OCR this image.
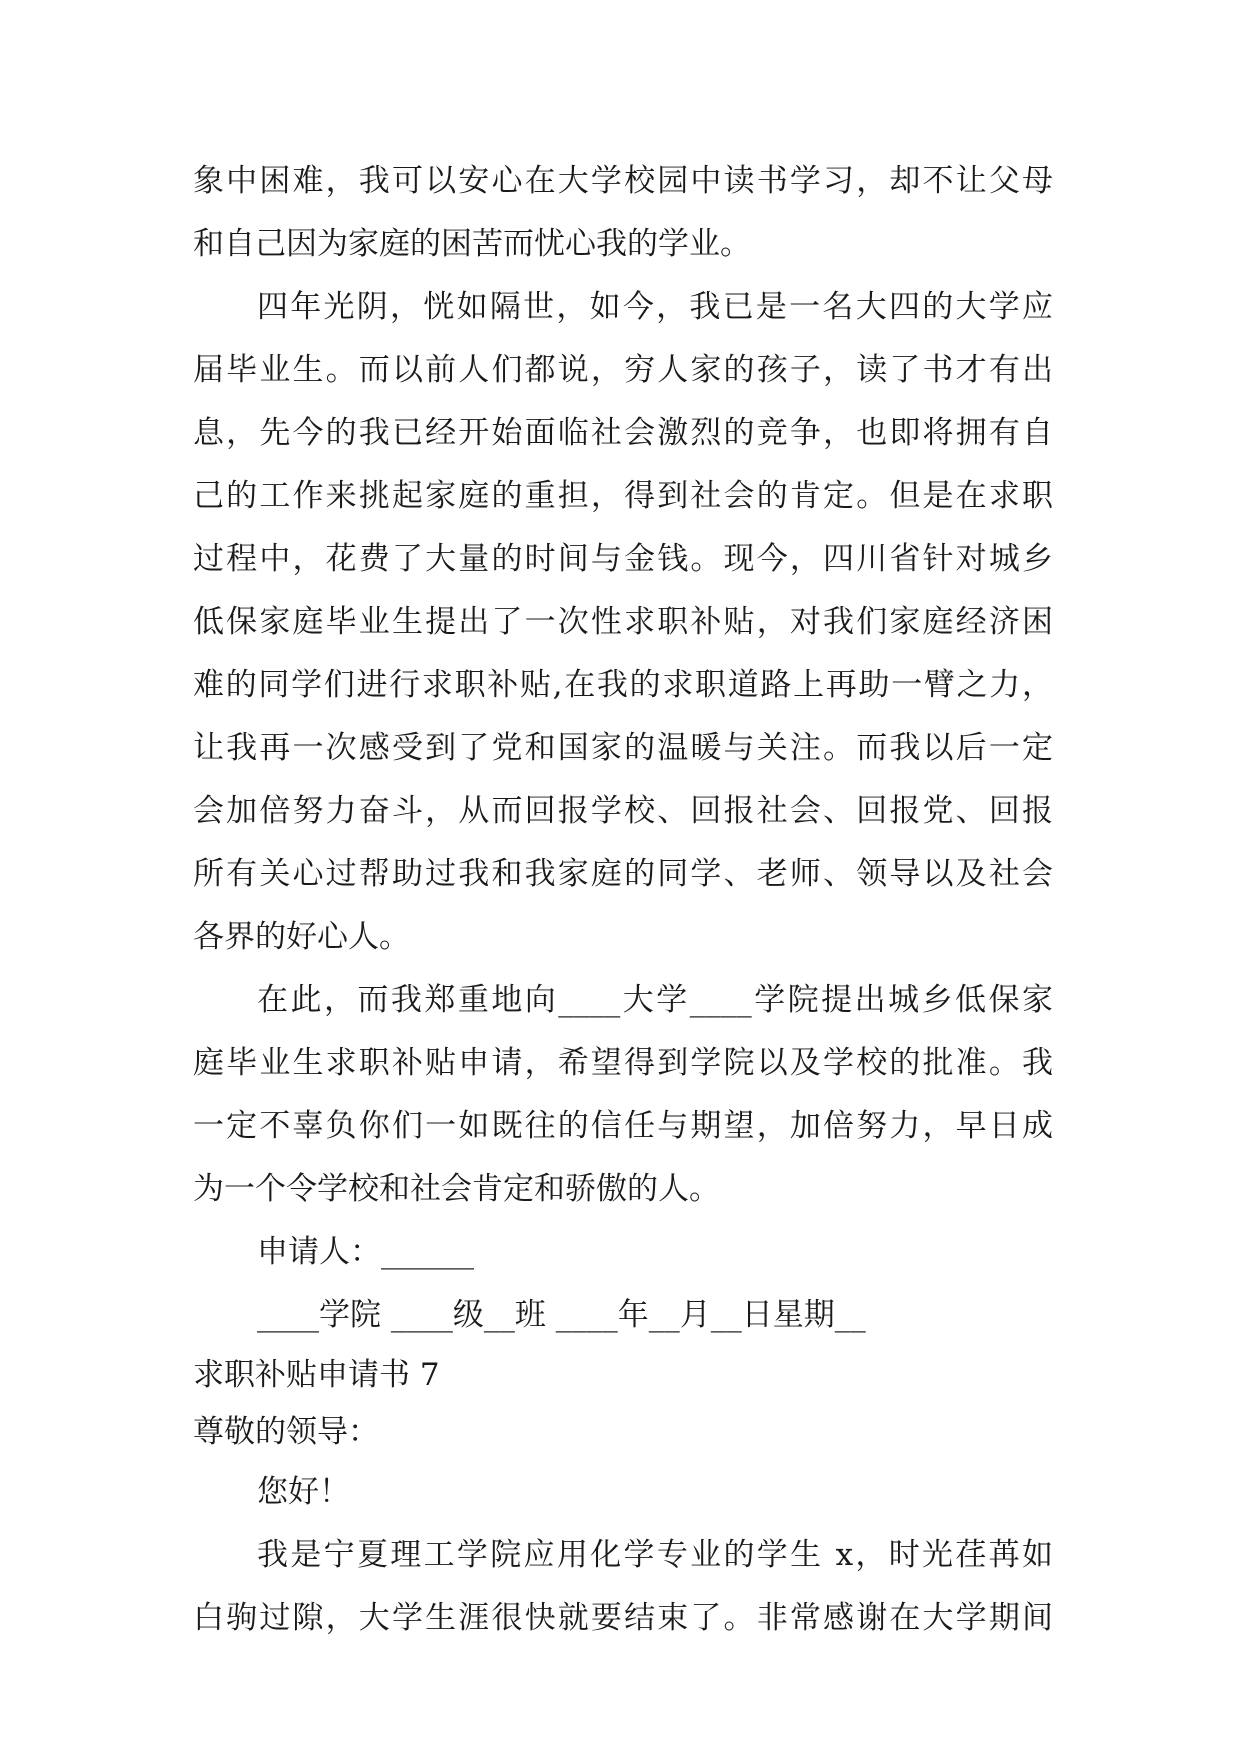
象中困难，我可以安心在大学校园中读书学习，却不让父母
和自己因为家庭的困苦而忧心我的学业。
四年光阴，恍如隔世，如今，我已是一名大四的大学应
届毕业生。而以前人们都说，穷人家的孩子，读了书才有出
息，先今的我已经开始面临社会激烈的竞争，也即将拥有自
己的工作来挑起家庭的重担，得到社会的肯定。但是在求职
过程中，花费了大量的时间与金钱。现今，四川省针对城乡
低保家庭毕业生提出了一次性求职补贴，对我们家庭经济困
难的同学们进行求职补贴,在我的求职道路上再助一臂之力，
让我再一次感受到了党和国家的温暖与关注。而我以后一定
会加倍努力奋斗，从而回报学校、回报社会、回报党、回报
所有关心过帮助过我和我家庭的同学、老师、领导以及社会
各界的好心人。
在此，而我郑重地向____大学____学院提出城乡低保家
庭毕业生求职补贴申请，希望得到学院以及学校的批准。我
一定不辜负你们一如既往的信任与期望，加倍努力，早日成
为一个令学校和社会肯定和骄傲的人。
申请人：______
____学院 ____级__班 ____年__月__日星期__
求职补贴申请书 7
尊敬的领导：
您好！
我是宁夏理工学院应用化学专业的学生 x，时光荏苒如
白驹过隙，大学生涯很快就要结束了。非常感谢在大学期间
